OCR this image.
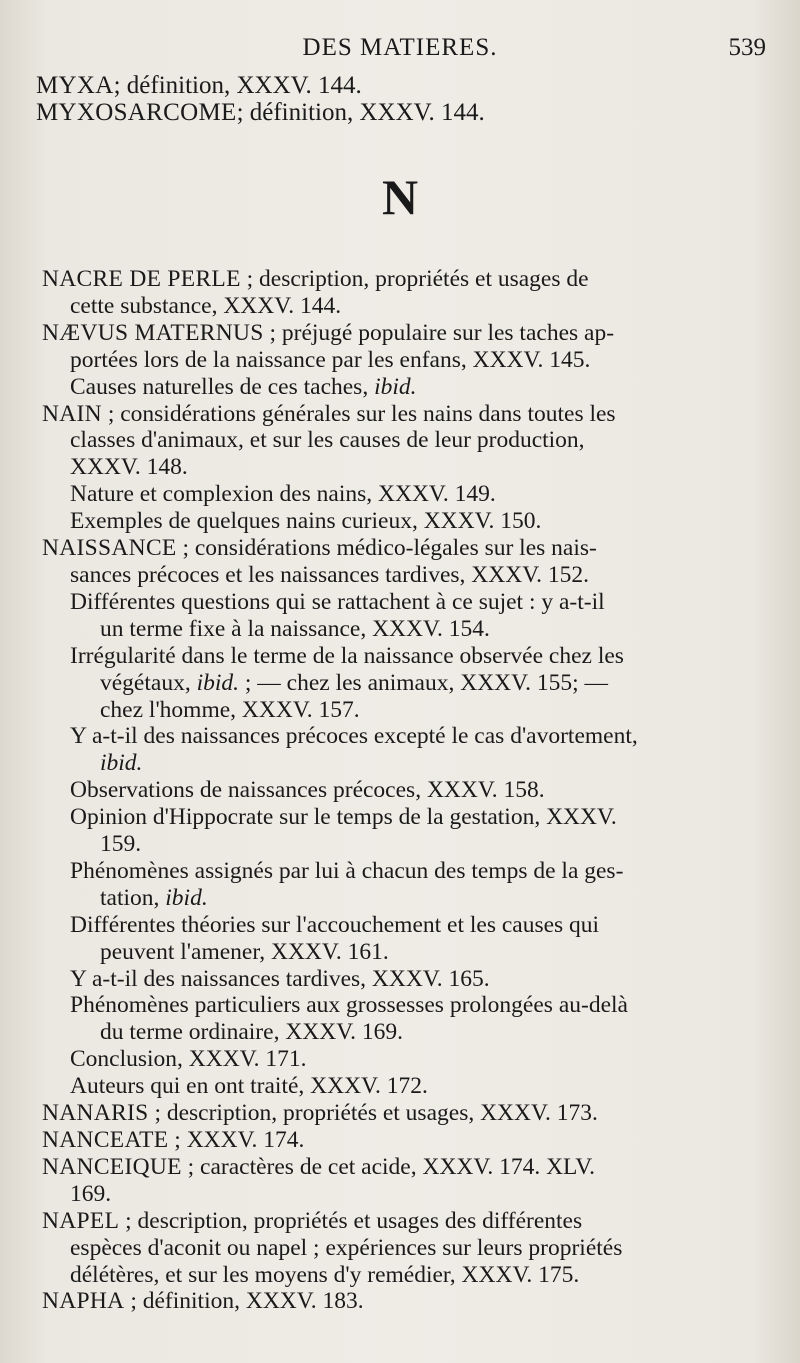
DES MATIERES.	539
MYXA; définition, XXXV. 144.
MYXOSARCOME; définition, XXXV. 144.
N
NACRE DE PERLE ; description, propriétés et usages de
cette substance, XXXV. 144.
NÆVUS MATERNUS ; préjugé populaire sur les taches ap-
portées lors de la naissance par les enfans, XXXV. 145.
Causes naturelles de ces taches, ibid.
NAIN ; considérations générales sur les nains dans toutes les
classes d'animaux, et sur les causes de leur production,
XXXV. 148.
Nature et complexion des nains, XXXV. 149.
Exemples de quelques nains curieux, XXXV. 150.
NAISSANCE ; considérations médico-légales sur les nais-
sances précoces et les naissances tardives, XXXV. 152.
Différentes questions qui se rattachent à ce sujet : y a-t-il
un terme fixe à la naissance, XXXV. 154.
Irrégularité dans le terme de la naissance observée chez les
végétaux, ibid. ; — chez les animaux, XXXV. 155; —
chez l'homme, XXXV. 157.
Y a-t-il des naissances précoces excepté le cas d'avortement,
ibid.
Observations de naissances précoces, XXXV. 158.
Opinion d'Hippocrate sur le temps de la gestation, XXXV.
159.
Phénomènes assignés par lui à chacun des temps de la ges-
tation, ibid.
Différentes théories sur l'accouchement et les causes qui
peuvent l'amener, XXXV. 161.
Y a-t-il des naissances tardives, XXXV. 165.
Phénomènes particuliers aux grossesses prolongées au-delà
du terme ordinaire, XXXV. 169.
Conclusion, XXXV. 171.
Auteurs qui en ont traité, XXXV. 172.
NANARIS ; description, propriétés et usages, XXXV. 173.
NANCEATE ; XXXV. 174.
NANCEIQUE ; caractères de cet acide, XXXV. 174. XLV.
169.
NAPEL ; description, propriétés et usages des différentes
espèces d'aconit ou napel ; expériences sur leurs propriétés
délétères, et sur les moyens d'y remédier, XXXV. 175.
NAPHA ; définition, XXXV. 183.
